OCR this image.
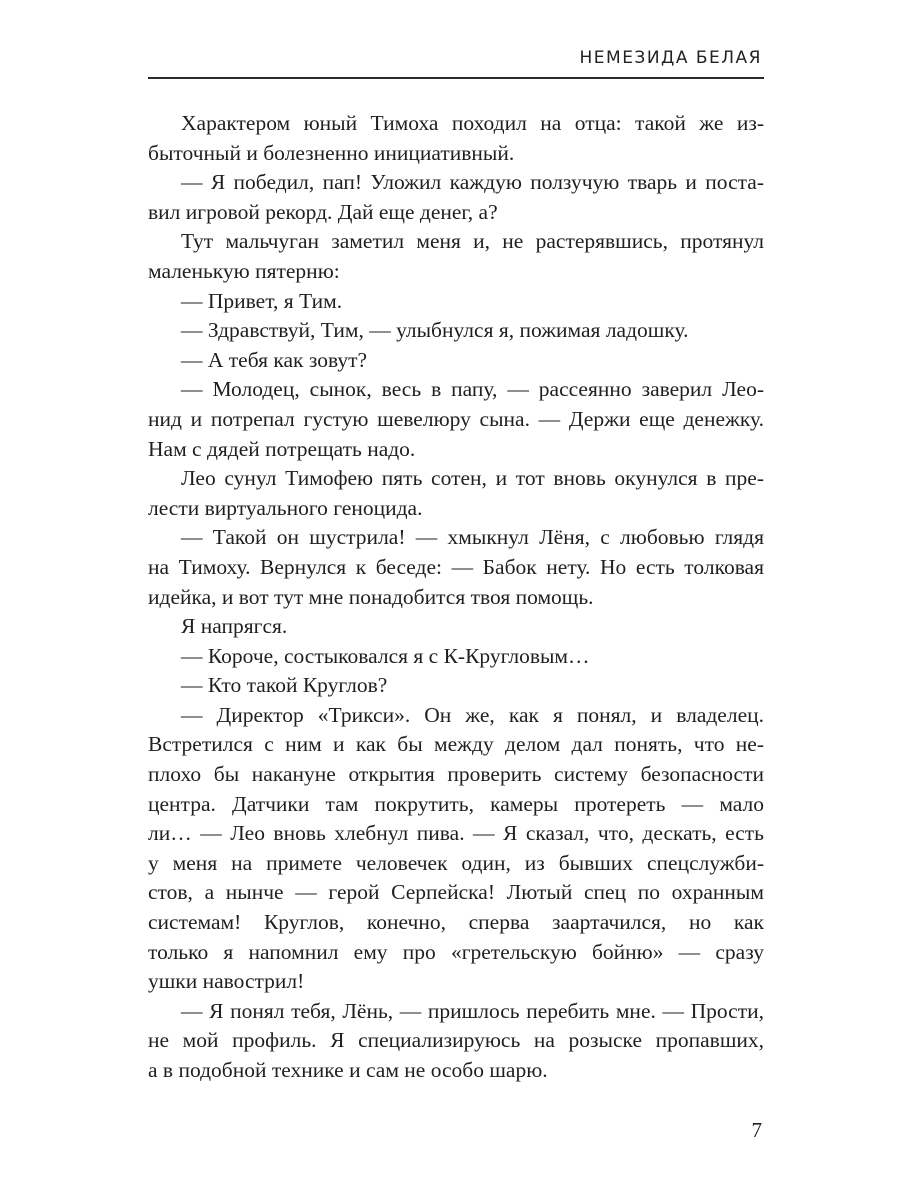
НЕМЕЗИДА БЕЛАЯ
Характером юный Тимоха походил на отца: такой же из-
быточный и болезненно инициативный.
— Я победил, пап! Уложил каждую ползучую тварь и поста-
вил игровой рекорд. Дай еще денег, а?
Тут мальчуган заметил меня и, не растерявшись, протянул
маленькую пятерню:
— Привет, я Тим.
— Здравствуй, Тим, — улыбнулся я, пожимая ладошку.
— А тебя как зовут?
— Молодец, сынок, весь в папу, — рассеянно заверил Лео-
нид и потрепал густую шевелюру сына. — Держи еще денежку.
Нам с дядей потрещать надо.
Лео сунул Тимофею пять сотен, и тот вновь окунулся в пре-
лести виртуального геноцида.
— Такой он шустрила! — хмыкнул Лёня, с любовью глядя
на Тимоху. Вернулся к беседе: — Бабок нету. Но есть толковая
идейка, и вот тут мне понадобится твоя помощь.
Я напрягся.
— Короче, состыковался я с К-Кругловым…
— Кто такой Круглов?
— Директор «Трикси». Он же, как я понял, и владелец.
Встретился с ним и как бы между делом дал понять, что не-
плохо бы накануне открытия проверить систему безопасности
центра. Датчики там покрутить, камеры протереть — мало
ли… — Лео вновь хлебнул пива. — Я сказал, что, дескать, есть
у меня на примете человечек один, из бывших спецслужби-
стов, а нынче — герой Серпейска! Лютый спец по охранным
системам! Круглов, конечно, сперва заартачился, но как
только я напомнил ему про «гретельскую бойню» — сразу
ушки навострил!
— Я понял тебя, Лёнь, — пришлось перебить мне. — Прости,
не мой профиль. Я специализируюсь на розыске пропавших,
а в подобной технике и сам не особо шарю.
7
